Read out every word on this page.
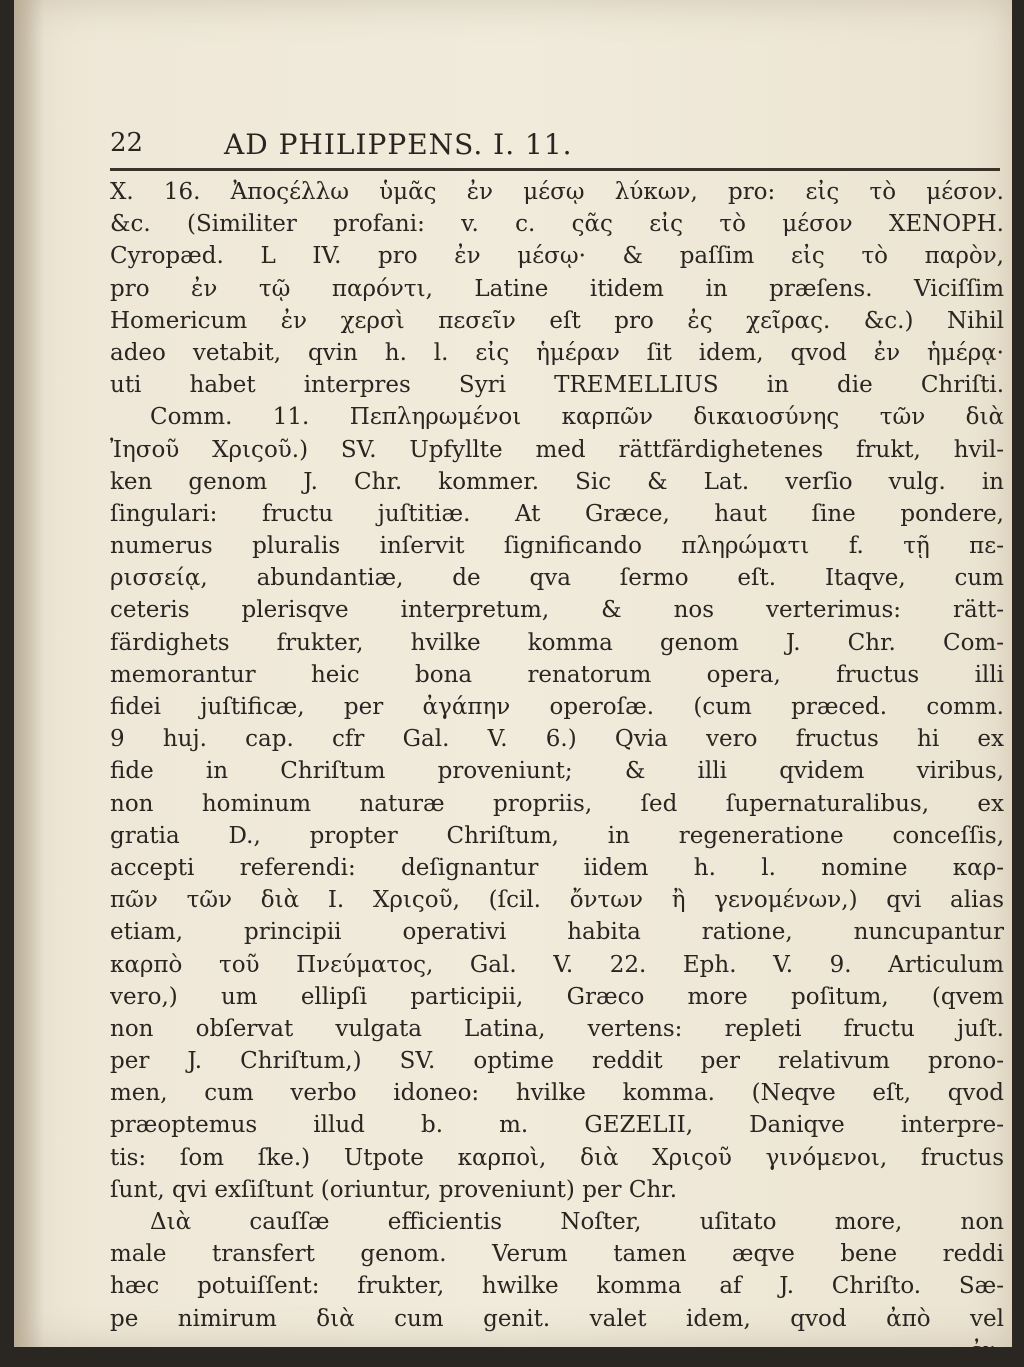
22	AD PHILIPPENS. I. 11.
X. 16. Ἀποςέλλω ὑμᾶς ἐν μέσῳ λύκων, pro: εἰς τὸ μέσον.
&c. (Similiter profani: v. c. ςᾶς εἰς τὸ μέσον XENOPH.
Cyropæd. L IV. pro ἐν μέσῳ· & paſſim εἰς τὸ παρὸν,
pro ἐν τῷ παρόντι, Latine itidem in præſens. Viciſſim
Homericum ἐν χερσὶ πεσεῖν eſt pro ἐς χεῖρας. &c.) Nihil
adeo vetabit, qvin h. l. εἰς ἡμέραν ſit idem, qvod ἐν ἡμέρᾳ·
uti habet interpres Syri TREMELLIUS in die Chriſti.
Comm. 11. Πεπληρωμένοι καρπῶν δικαιοσύνης τῶν διὰ
Ἰησοῦ Χριςοῦ.) SV. Upfyllte med rättfärdighetenes frukt, hvil-
ken genom J. Chr. kommer. Sic & Lat. verſio vulg. in
ſingulari: fructu juſtitiæ. At Græce, haut ſine pondere,
numerus pluralis inſervit ſignificando πληρώματι f. τῇ πε-
ρισσείᾳ, abundantiæ, de qva ſermo eſt. Itaqve, cum
ceteris plerisqve interpretum, & nos verterimus: rätt-
färdighets frukter, hvilke komma genom J. Chr. Com-
memorantur heic bona renatorum opera, fructus illi
fidei juſtificæ, per ἀγάπην operoſæ. (cum præced. comm.
9 huj. cap. cfr Gal. V. 6.) Qvia vero fructus hi ex
fide in Chriſtum proveniunt; & illi qvidem viribus,
non hominum naturæ propriis, ſed ſupernaturalibus, ex
gratia D., propter Chriſtum, in regeneratione conceſſis,
accepti referendi: deſignantur iidem h. l. nomine καρ-
πῶν τῶν διὰ I. Χριςοῦ, (ſcil. ὄντων ἢ γενομένων,) qvi alias
etiam, principii operativi habita ratione, nuncupantur
καρπὸ τοῦ Πνεύματος, Gal. V. 22. Eph. V. 9. Articulum
vero,) um ellipſi participii, Græco more poſitum, (qvem
non obſervat vulgata Latina, vertens: repleti fructu juſt.
per J. Chriſtum,) SV. optime reddit per relativum prono-
men, cum verbo idoneo: hvilke komma. (Neqve eſt, qvod
præoptemus illud b. m. GEZELII, Daniqve interpre-
tis: ſom ſke.) Utpote καρποὶ, διὰ Χριςοῦ γινόμενοι, fructus
ſunt, qvi exſiſtunt (oriuntur, proveniunt) per Chr.
Διὰ cauſſæ efficientis Noſter, uſitato more, non
male transfert genom. Verum tamen æqve bene reddi
hæc potuiſſent: frukter, hwilke komma af J. Chriſto. Sæ-
pe nimirum διὰ cum genit. valet idem, qvod ἀπὸ vel
ἐν.
